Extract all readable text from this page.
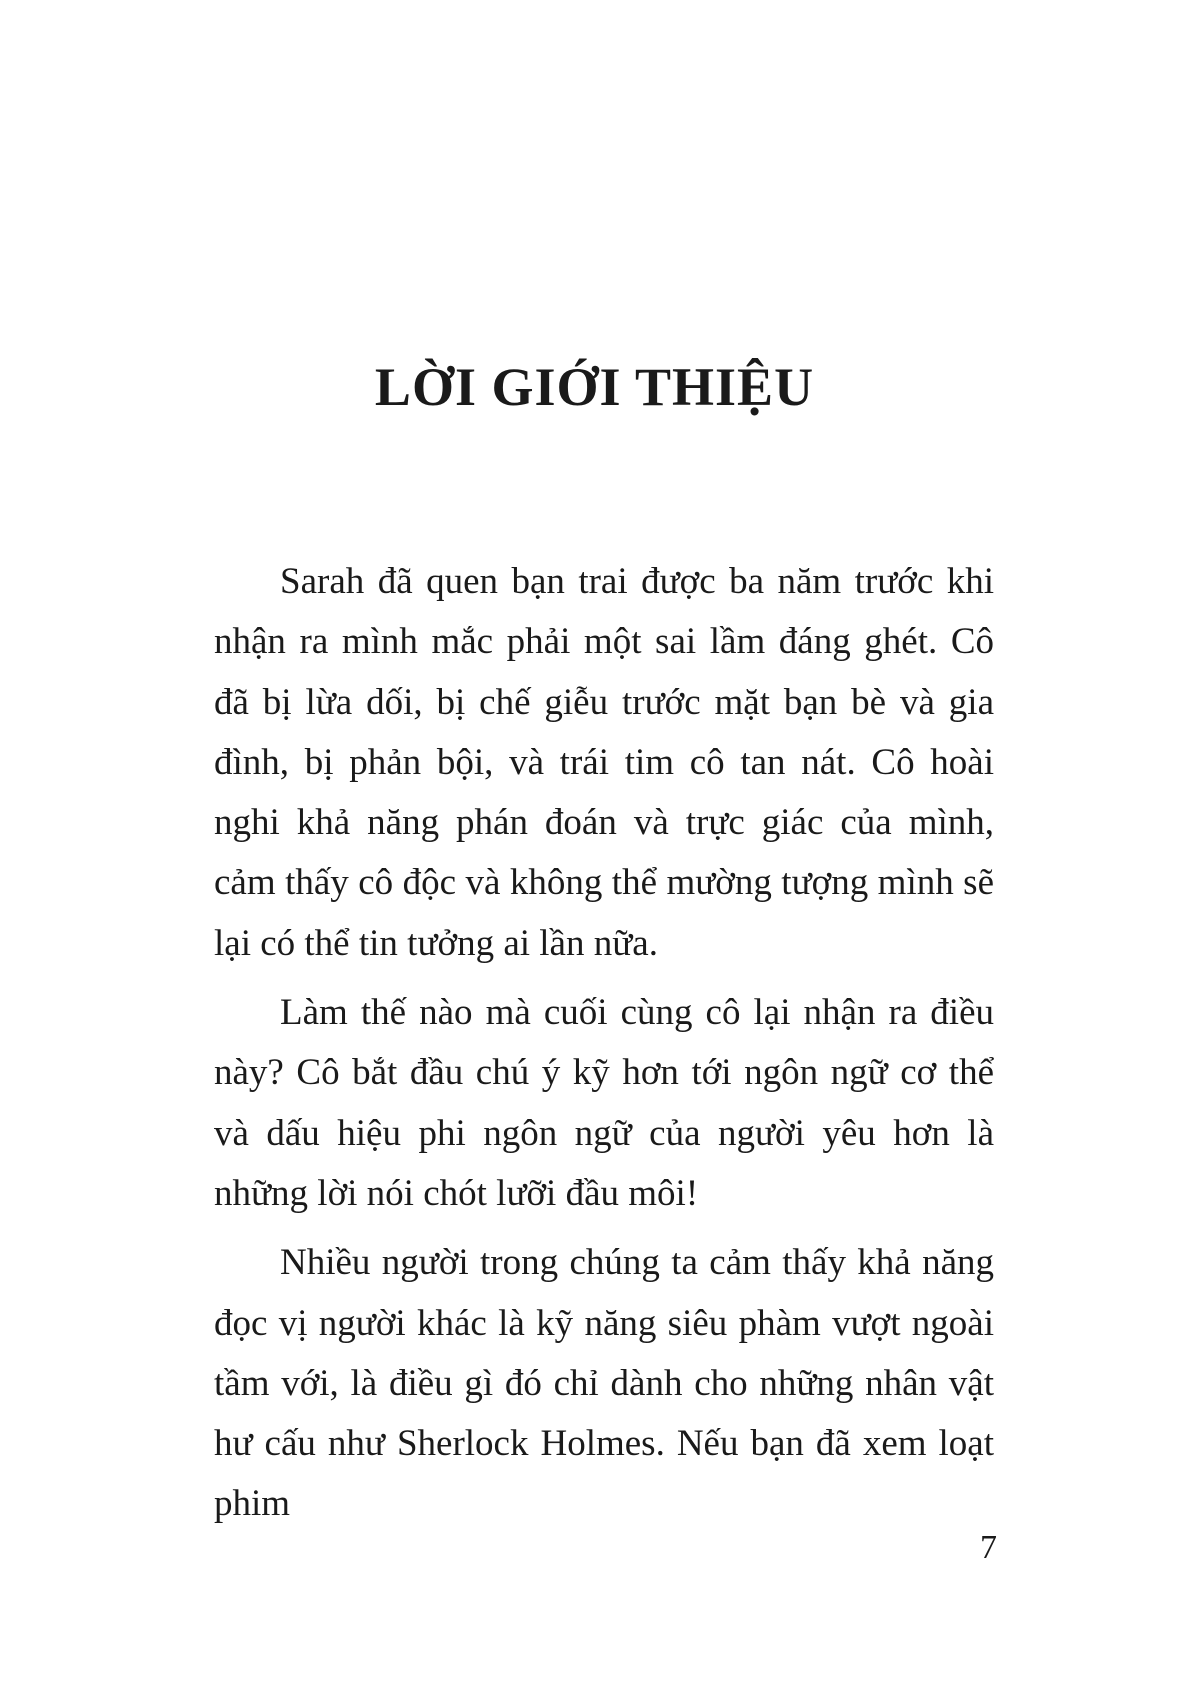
LỜI GIỚI THIỆU

Sarah đã quen bạn trai được ba năm trước khi nhận ra mình mắc phải một sai lầm đáng ghét. Cô đã bị lừa dối, bị chế giễu trước mặt bạn bè và gia đình, bị phản bội, và trái tim cô tan nát. Cô hoài nghi khả năng phán đoán và trực giác của mình, cảm thấy cô độc và không thể mường tượng mình sẽ lại có thể tin tưởng ai lần nữa.

Làm thế nào mà cuối cùng cô lại nhận ra điều này? Cô bắt đầu chú ý kỹ hơn tới ngôn ngữ cơ thể và dấu hiệu phi ngôn ngữ của người yêu hơn là những lời nói chót lưỡi đầu môi!

Nhiều người trong chúng ta cảm thấy khả năng đọc vị người khác là kỹ năng siêu phàm vượt ngoài tầm với, là điều gì đó chỉ dành cho những nhân vật hư cấu như Sherlock Holmes. Nếu bạn đã xem loạt phim

7
